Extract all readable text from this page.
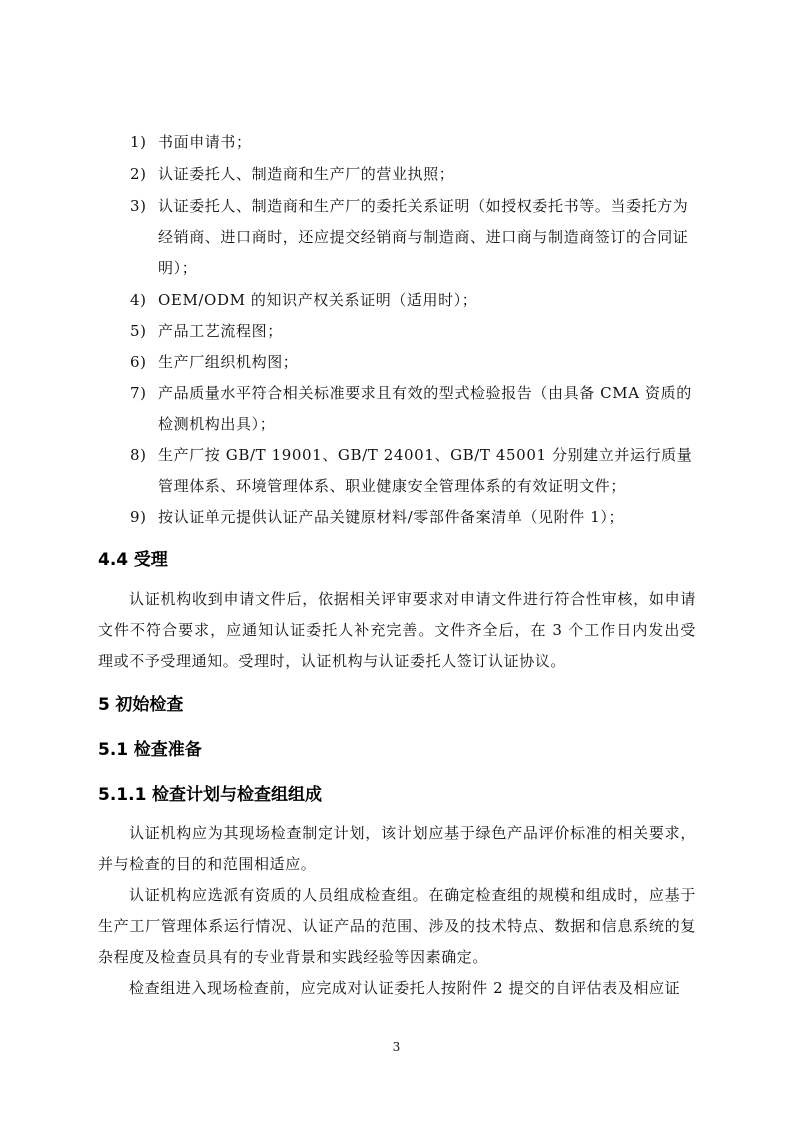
1) 书面申请书；
2) 认证委托人、制造商和生产厂的营业执照；
3) 认证委托人、制造商和生产厂的委托关系证明（如授权委托书等。当委托方为经销商、进口商时，还应提交经销商与制造商、进口商与制造商签订的合同证明）；
4) OEM/ODM 的知识产权关系证明（适用时）；
5) 产品工艺流程图；
6) 生产厂组织机构图；
7) 产品质量水平符合相关标准要求且有效的型式检验报告（由具备 CMA 资质的检测机构出具）；
8) 生产厂按 GB/T 19001、GB/T 24001、GB/T 45001 分别建立并运行质量管理体系、环境管理体系、职业健康安全管理体系的有效证明文件；
9) 按认证单元提供认证产品关键原材料/零部件备案清单（见附件 1）；
4.4 受理
认证机构收到申请文件后，依据相关评审要求对申请文件进行符合性审核，如申请文件不符合要求，应通知认证委托人补充完善。文件齐全后，在 3 个工作日内发出受理或不予受理通知。受理时，认证机构与认证委托人签订认证协议。
5 初始检查
5.1 检查准备
5.1.1 检查计划与检查组组成
认证机构应为其现场检查制定计划，该计划应基于绿色产品评价标准的相关要求，并与检查的目的和范围相适应。
认证机构应选派有资质的人员组成检查组。在确定检查组的规模和组成时，应基于生产工厂管理体系运行情况、认证产品的范围、涉及的技术特点、数据和信息系统的复杂程度及检查员具有的专业背景和实践经验等因素确定。
检查组进入现场检查前，应完成对认证委托人按附件 2 提交的自评估表及相应证
3
